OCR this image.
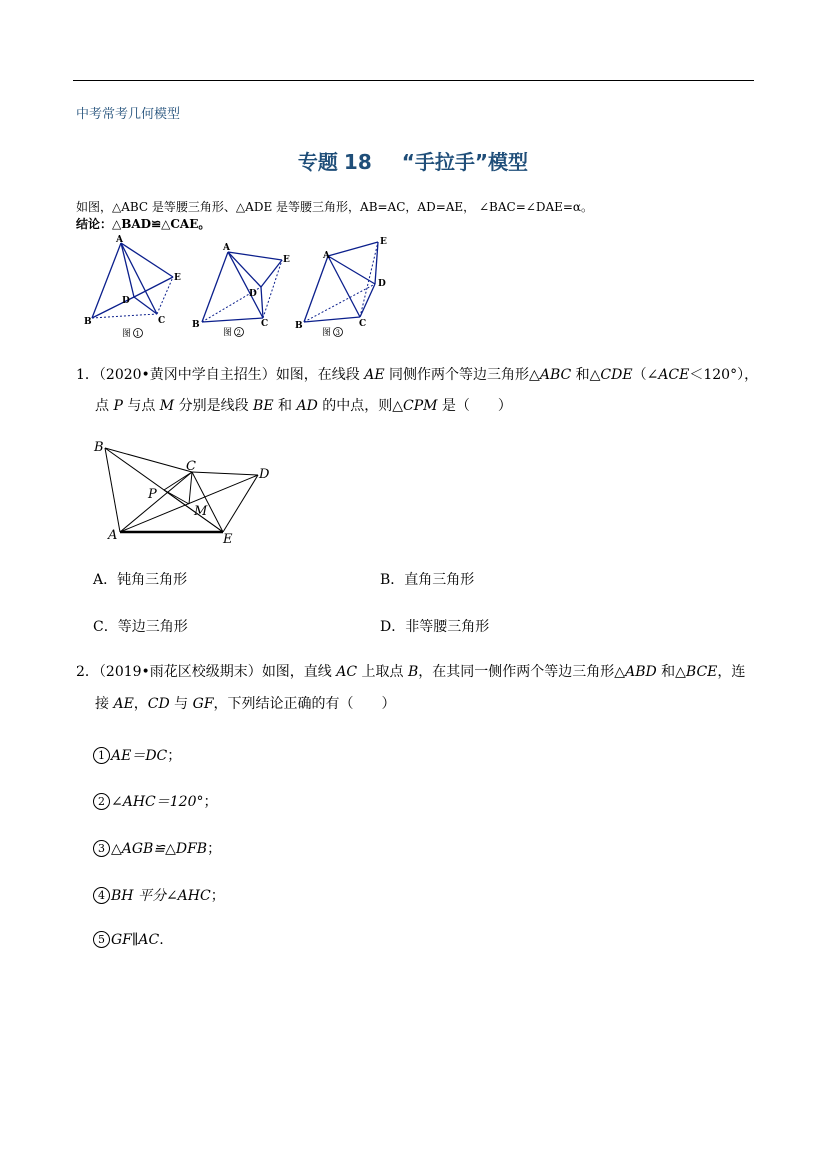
中考常考几何模型
专题 18 “手拉手”模型
如图，△ABC 是等腰三角形、△ADE 是等腰三角形，AB=AC，AD=AE， ∠BAC=∠DAE=α。
结论：△BAD≌△CAE。
A
B	C
D
E
图 1
A
B	C
D
E
图 2
A
B	C
D
E
图 3
1．（2020•黄冈中学自主招生）如图，在线段 AE 同侧作两个等边三角形△ABC 和△CDE（∠ACE＜120°），
点 P 与点 M 分别是线段 BE 和 AD 的中点，则△CPM 是（　　）
B
C
D
P
M
A	E
A．钝角三角形	B．直角三角形
C．等边三角形	D．非等腰三角形
2．（2019•雨花区校级期末）如图，直线 AC 上取点 B，在其同一侧作两个等边三角形△ABD 和△BCE，连
接 AE，CD 与 GF，下列结论正确的有（　　）
1 AE＝DC；
2 ∠AHC＝120°；
3 △AGB≌△DFB；
4 BH 平分∠AHC；
5 GF∥AC.
